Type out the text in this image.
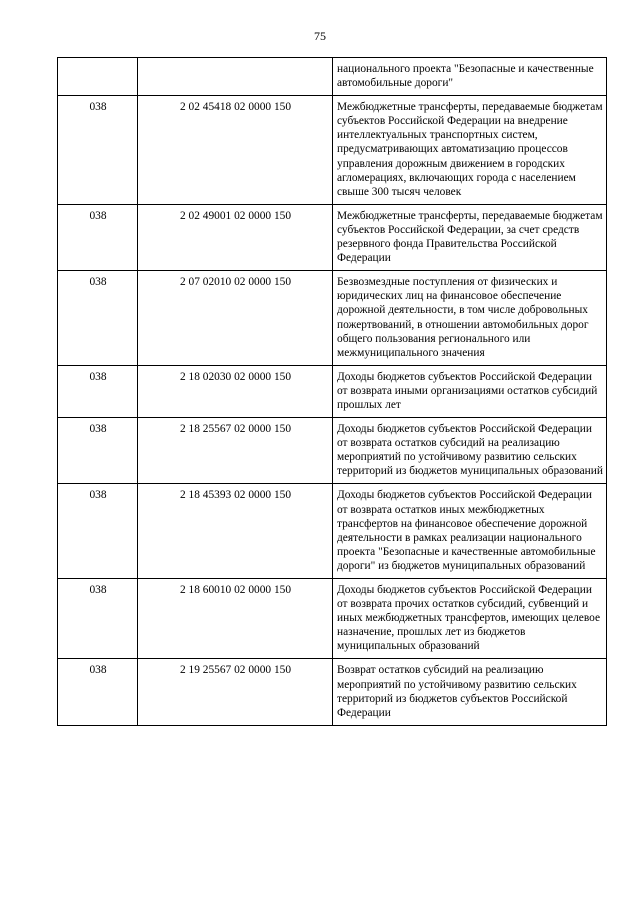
75
		национального проекта "Безопасные и качественные автомобильные дороги"
038	2 02 45418 02 0000 150	Межбюджетные трансферты, передаваемые бюджетам субъектов Российской Федерации на внедрение интеллектуальных транспортных систем, предусматривающих автоматизацию процессов управления дорожным движением в городских агломерациях, включающих города с населением свыше 300 тысяч человек
038	2 02 49001 02 0000 150	Межбюджетные трансферты, передаваемые бюджетам субъектов Российской Федерации, за счет средств резервного фонда Правительства Российской Федерации
038	2 07 02010 02 0000 150	Безвозмездные поступления от физических и юридических лиц на финансовое обеспечение дорожной деятельности, в том числе добровольных пожертвований, в отношении автомобильных дорог общего пользования регионального или межмуниципального значения
038	2 18 02030 02 0000 150	Доходы бюджетов субъектов Российской Федерации от возврата иными организациями остатков субсидий прошлых лет
038	2 18 25567 02 0000 150	Доходы бюджетов субъектов Российской Федерации от возврата остатков субсидий на реализацию мероприятий по устойчивому развитию сельских территорий из бюджетов муниципальных образований
038	2 18 45393 02 0000 150	Доходы бюджетов субъектов Российской Федерации от возврата остатков иных межбюджетных трансфертов на финансовое обеспечение дорожной деятельности в рамках реализации национального проекта "Безопасные и качественные автомобильные дороги" из бюджетов муниципальных образований
038	2 18 60010 02 0000 150	Доходы бюджетов субъектов Российской Федерации от возврата прочих остатков субсидий, субвенций и иных межбюджетных трансфертов, имеющих целевое назначение, прошлых лет из бюджетов муниципальных образований
038	2 19 25567 02 0000 150	Возврат остатков субсидий на реализацию мероприятий по устойчивому развитию сельских территорий из бюджетов субъектов Российской Федерации
